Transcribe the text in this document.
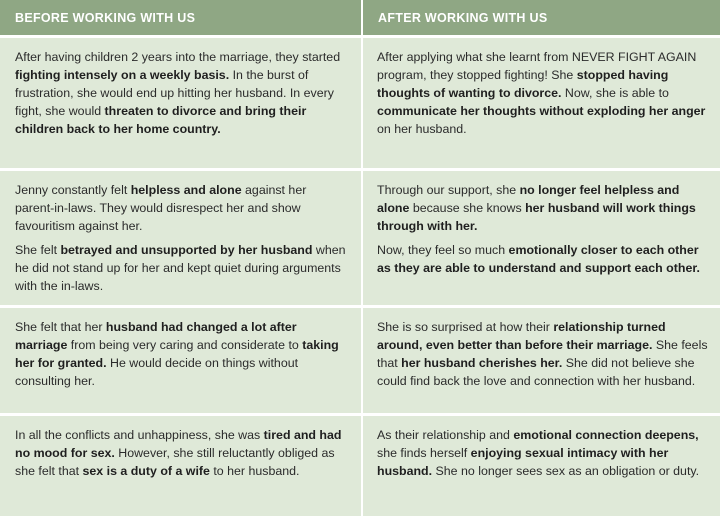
BEFORE WORKING WITH US	AFTER WORKING WITH US

After having children 2 years into the marriage, they started fighting intensely on a weekly basis. In the burst of frustration, she would end up hitting her husband. In every fight, she would threaten to divorce and bring their children back to her home country.

After applying what she learnt from NEVER FIGHT AGAIN program, they stopped fighting! She stopped having thoughts of wanting to divorce. Now, she is able to communicate her thoughts without exploding her anger on her husband.

Jenny constantly felt helpless and alone against her parent-in-laws. They would disrespect her and show favouritism against her.

She felt betrayed and unsupported by her husband when he did not stand up for her and kept quiet during arguments with the in-laws.

Through our support, she no longer feel helpless and alone because she knows her husband will work things through with her.

Now, they feel so much emotionally closer to each other as they are able to understand and support each other.

She felt that her husband had changed a lot after marriage from being very caring and considerate to taking her for granted. He would decide on things without consulting her.

She is so surprised at how their relationship turned around, even better than before their marriage. She feels that her husband cherishes her. She did not believe she could find back the love and connection with her husband.

In all the conflicts and unhappiness, she was tired and had no mood for sex. However, she still reluctantly obliged as she felt that sex is a duty of a wife to her husband.

As their relationship and emotional connection deepens, she finds herself enjoying sexual intimacy with her husband. She no longer sees sex as an obligation or duty.
